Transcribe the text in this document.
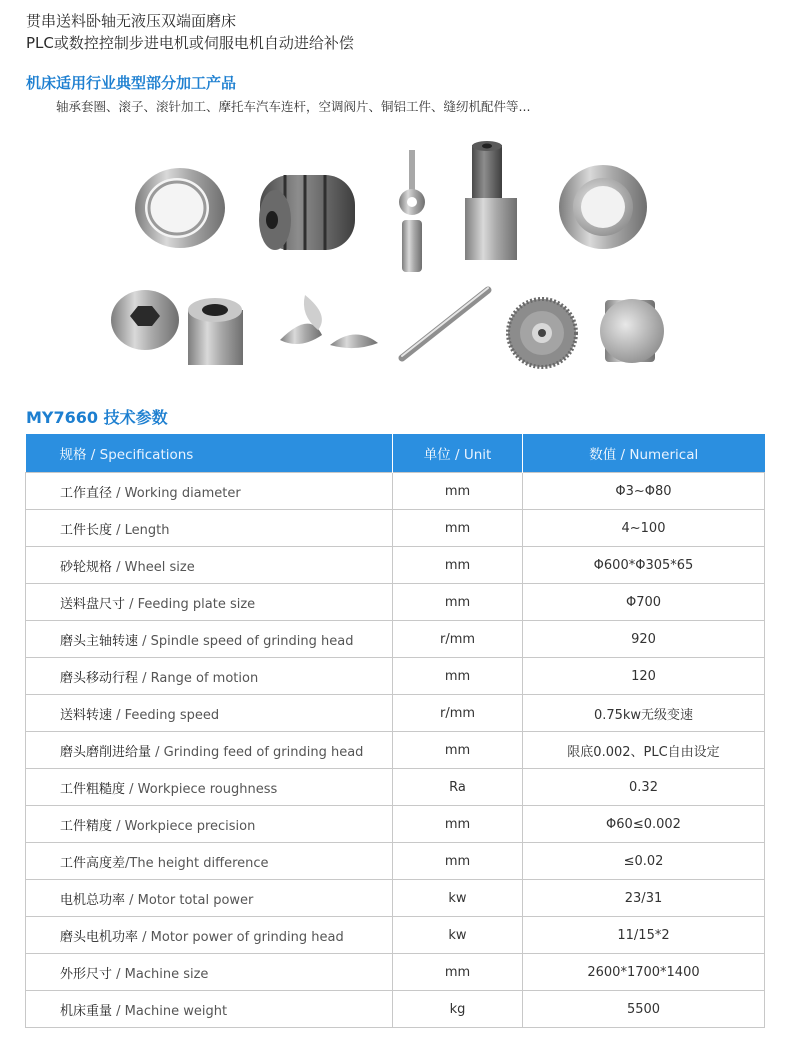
贯串送料卧轴无液压双端面磨床
PLC或数控控制步进电机或伺服电机自动进给补偿
机床适用行业典型部分加工产品
轴承套圈、滚子、滚针加工、摩托车汽车连杆，空调阀片、铜铝工件、缝纫机配件等...
MY7660 技术参数
规格 / Specifications	单位 / Unit	数值 / Numerical
工作直径 / Working diameter	mm	Φ3~Φ80
工件长度 / Length	mm	4~100
砂轮规格 / Wheel size	mm	Φ600*Φ305*65
送料盘尺寸 / Feeding plate size	mm	Φ700
磨头主轴转速 / Spindle speed of grinding head	r/mm	920
磨头移动行程 / Range of motion	mm	120
送料转速 / Feeding speed	r/mm	0.75kw无级变速
磨头磨削进给量 / Grinding feed of grinding head	mm	限底0.002、PLC自由设定
工件粗糙度 / Workpiece roughness	Ra	0.32
工件精度 / Workpiece precision	mm	Φ60≤0.002
工件高度差/The height difference	mm	≤0.02
电机总功率 / Motor total power	kw	23/31
磨头电机功率 / Motor power of grinding head	kw	11/15*2
外形尺寸 / Machine size	mm	2600*1700*1400
机床重量 / Machine weight	kg	5500
